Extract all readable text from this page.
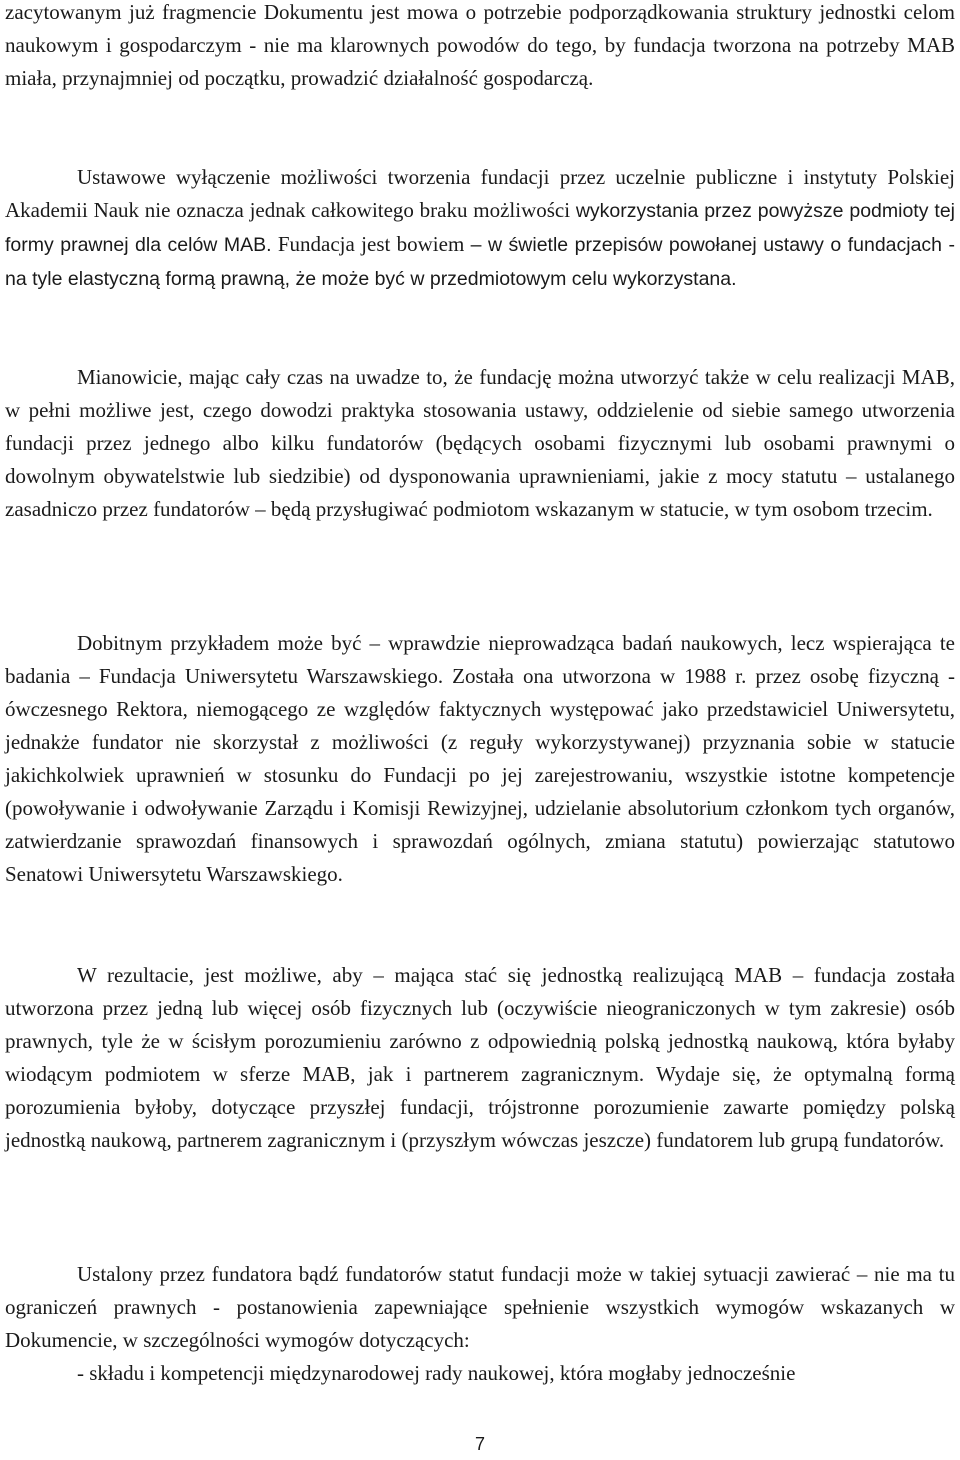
zacytowanym już fragmencie Dokumentu jest mowa o potrzebie podporządkowania struktury jednostki celom naukowym i gospodarczym - nie ma klarownych powodów do tego, by fundacja tworzona na potrzeby MAB miała, przynajmniej od początku, prowadzić działalność gospodarczą.

Ustawowe wyłączenie możliwości tworzenia fundacji przez uczelnie publiczne i instytuty Polskiej Akademii Nauk nie oznacza jednak całkowitego braku możliwości wykorzystania przez powyższe podmioty tej formy prawnej dla celów MAB. Fundacja jest bowiem – w świetle przepisów powołanej ustawy o fundacjach - na tyle elastyczną formą prawną, że może być w przedmiotowym celu wykorzystana.

Mianowicie, mając cały czas na uwadze to, że fundację można utworzyć także w celu realizacji MAB, w pełni możliwe jest, czego dowodzi praktyka stosowania ustawy, oddzielenie od siebie samego utworzenia fundacji przez jednego albo kilku fundatorów (będących osobami fizycznymi lub osobami prawnymi o dowolnym obywatelstwie lub siedzibie) od dysponowania uprawnieniami, jakie z mocy statutu – ustalanego zasadniczo przez fundatorów – będą przysługiwać podmiotom wskazanym w statucie, w tym osobom trzecim.

Dobitnym przykładem może być – wprawdzie nieprowadząca badań naukowych, lecz wspierająca te badania – Fundacja Uniwersytetu Warszawskiego. Została ona utworzona w 1988 r. przez osobę fizyczną - ówczesnego Rektora, niemogącego ze względów faktycznych występować jako przedstawiciel Uniwersytetu, jednakże fundator nie skorzystał z możliwości (z reguły wykorzystywanej) przyznania sobie w statucie jakichkolwiek uprawnień w stosunku do Fundacji po jej zarejestrowaniu, wszystkie istotne kompetencje (powoływanie i odwoływanie Zarządu i Komisji Rewizyjnej, udzielanie absolutorium członkom tych organów, zatwierdzanie sprawozdań finansowych i sprawozdań ogólnych, zmiana statutu) powierzając statutowo Senatowi Uniwersytetu Warszawskiego.

W rezultacie, jest możliwe, aby – mająca stać się jednostką realizującą MAB – fundacja została utworzona przez jedną lub więcej osób fizycznych lub (oczywiście nieograniczonych w tym zakresie) osób prawnych, tyle że w ścisłym porozumieniu zarówno z odpowiednią polską jednostką naukową, która byłaby wiodącym podmiotem w sferze MAB, jak i partnerem zagranicznym. Wydaje się, że optymalną formą porozumienia byłoby, dotyczące przyszłej fundacji, trójstronne porozumienie zawarte pomiędzy polską jednostką naukową, partnerem zagranicznym i (przyszłym wówczas jeszcze) fundatorem lub grupą fundatorów.

Ustalony przez fundatora bądź fundatorów statut fundacji może w takiej sytuacji zawierać – nie ma tu ograniczeń prawnych - postanowienia zapewniające spełnienie wszystkich wymogów wskazanych w Dokumencie, w szczególności wymogów dotyczących:

- składu i kompetencji międzynarodowej rady naukowej, która mogłaby jednocześnie

7
